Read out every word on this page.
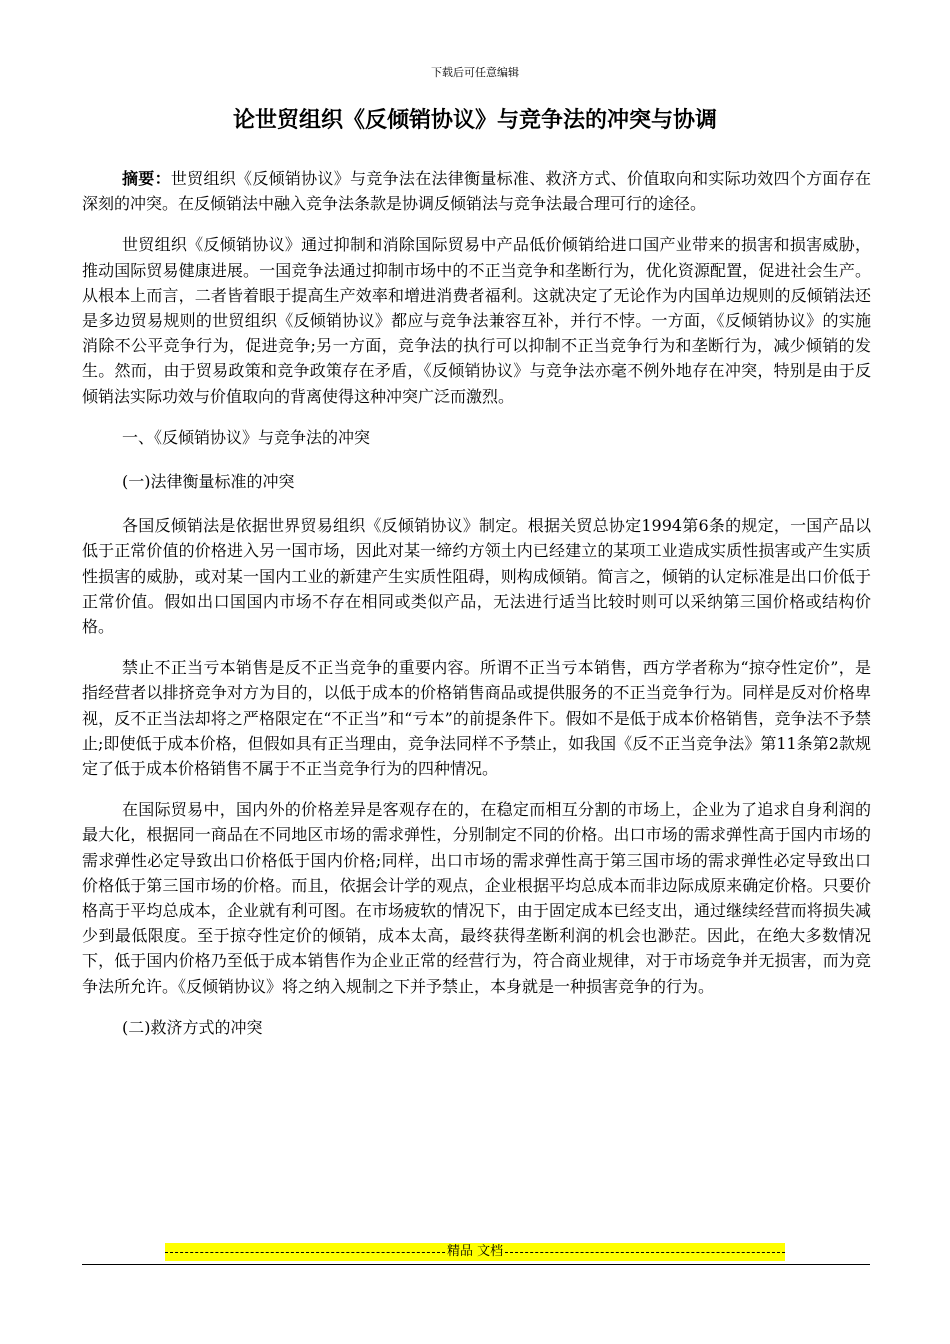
下载后可任意编辑
论世贸组织《反倾销协议》与竞争法的冲突与协调

摘要：世贸组织《反倾销协议》与竞争法在法律衡量标准、救济方式、价值取向和实际功效四个方面存在深刻的冲突。在反倾销法中融入竞争法条款是协调反倾销法与竞争法最合理可行的途径。

世贸组织《反倾销协议》通过抑制和消除国际贸易中产品低价倾销给进口国产业带来的损害和损害威胁，推动国际贸易健康进展。一国竞争法通过抑制市场中的不正当竞争和垄断行为，优化资源配置，促进社会生产。从根本上而言，二者皆着眼于提高生产效率和增进消费者福利。这就决定了无论作为内国单边规则的反倾销法还是多边贸易规则的世贸组织《反倾销协议》都应与竞争法兼容互补，并行不悖。一方面，《反倾销协议》的实施消除不公平竞争行为，促进竞争;另一方面，竞争法的执行可以抑制不正当竞争行为和垄断行为，减少倾销的发生。然而，由于贸易政策和竞争政策存在矛盾，《反倾销协议》与竞争法亦毫不例外地存在冲突，特别是由于反倾销法实际功效与价值取向的背离使得这种冲突广泛而激烈。

一、《反倾销协议》与竞争法的冲突

(一)法律衡量标准的冲突

各国反倾销法是依据世界贸易组织《反倾销协议》制定。根据关贸总协定1994第6条的规定，一国产品以低于正常价值的价格进入另一国市场，因此对某一缔约方领土内已经建立的某项工业造成实质性损害或产生实质性损害的威胁，或对某一国内工业的新建产生实质性阻碍，则构成倾销。简言之，倾销的认定标准是出口价低于正常价值。假如出口国国内市场不存在相同或类似产品，无法进行适当比较时则可以采纳第三国价格或结构价格。

禁止不正当亏本销售是反不正当竞争的重要内容。所谓不正当亏本销售，西方学者称为“掠夺性定价”，是指经营者以排挤竞争对方为目的，以低于成本的价格销售商品或提供服务的不正当竞争行为。同样是反对价格卑视，反不正当法却将之严格限定在“不正当”和“亏本”的前提条件下。假如不是低于成本价格销售，竞争法不予禁止;即使低于成本价格，但假如具有正当理由，竞争法同样不予禁止，如我国《反不正当竞争法》第11条第2款规定了低于成本价格销售不属于不正当竞争行为的四种情况。

在国际贸易中，国内外的价格差异是客观存在的，在稳定而相互分割的市场上，企业为了追求自身利润的最大化，根据同一商品在不同地区市场的需求弹性，分别制定不同的价格。出口市场的需求弹性高于国内市场的需求弹性必定导致出口价格低于国内价格;同样，出口市场的需求弹性高于第三国市场的需求弹性必定导致出口价格低于第三国市场的价格。而且，依据会计学的观点，企业根据平均总成本而非边际成原来确定价格。只要价格高于平均总成本，企业就有利可图。在市场疲软的情况下，由于固定成本已经支出，通过继续经营而将损失减少到最低限度。至于掠夺性定价的倾销，成本太高，最终获得垄断利润的机会也渺茫。因此，在绝大多数情况下，低于国内价格乃至低于成本销售作为企业正常的经营行为，符合商业规律，对于市场竞争并无损害，而为竞争法所允许。《反倾销协议》将之纳入规制之下并予禁止，本身就是一种损害竞争的行为。

(二)救济方式的冲突

精品 文档
